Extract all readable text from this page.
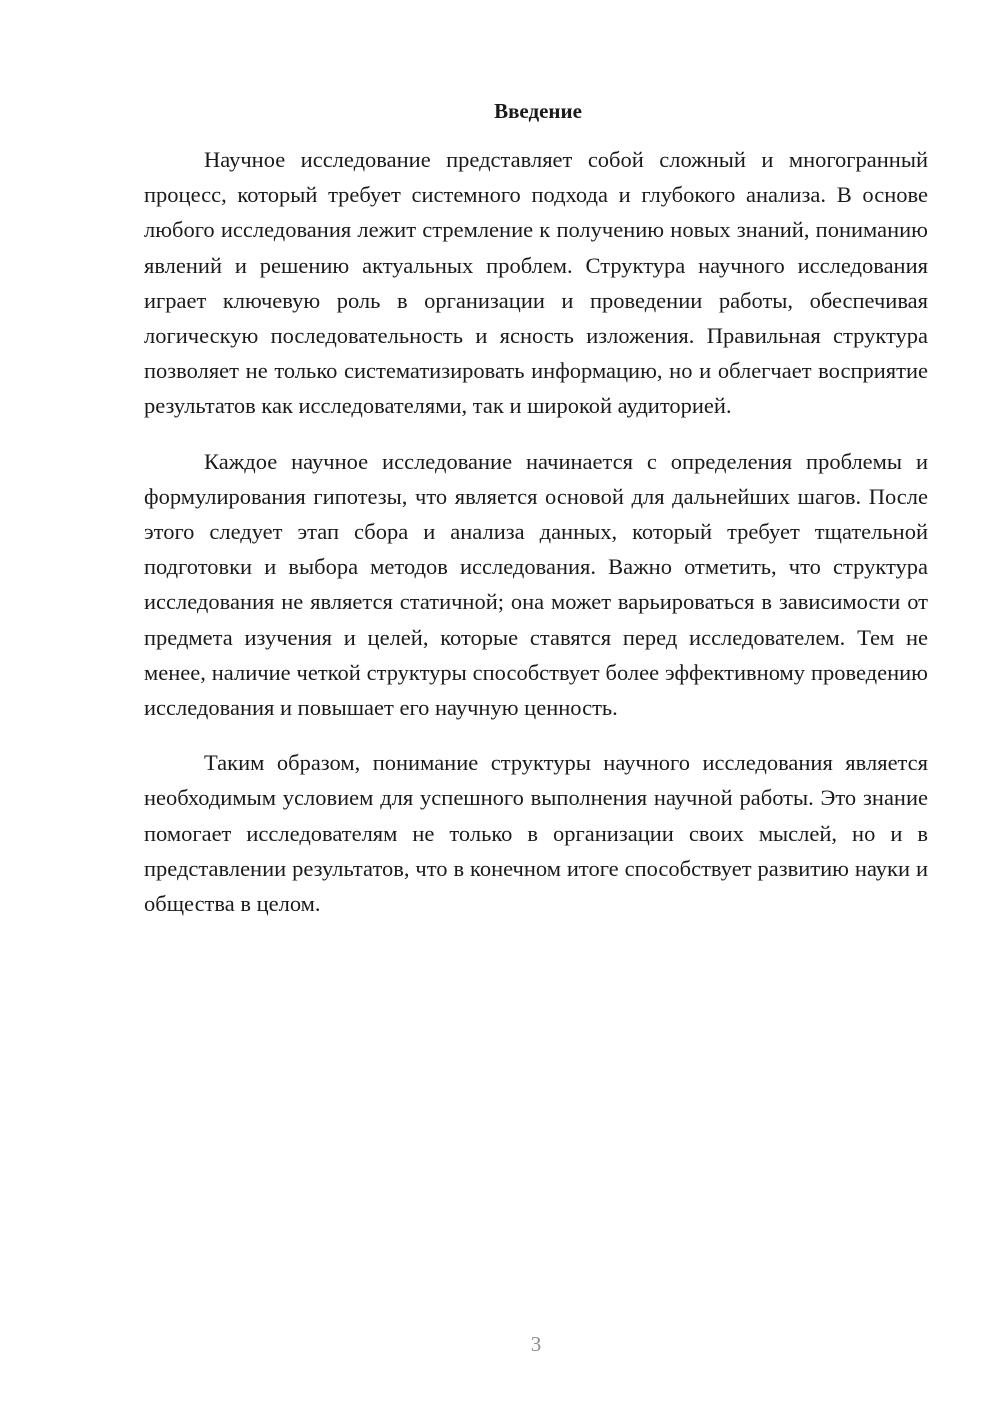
Введение

Научное исследование представляет собой сложный и многогранный процесс, который требует системного подхода и глубокого анализа. В основе любого исследования лежит стремление к получению новых знаний, пониманию явлений и решению актуальных проблем. Структура научного исследования играет ключевую роль в организации и проведении работы, обеспечивая логическую последовательность и ясность изложения. Правильная структура позволяет не только систематизировать информацию, но и облегчает восприятие результатов как исследователями, так и широкой аудиторией.

Каждое научное исследование начинается с определения проблемы и формулирования гипотезы, что является основой для дальнейших шагов. После этого следует этап сбора и анализа данных, который требует тщательной подготовки и выбора методов исследования. Важно отметить, что структура исследования не является статичной; она может варьироваться в зависимости от предмета изучения и целей, которые ставятся перед исследователем. Тем не менее, наличие четкой структуры способствует более эффективному проведению исследования и повышает его научную ценность.

Таким образом, понимание структуры научного исследования является необходимым условием для успешного выполнения научной работы. Это знание помогает исследователям не только в организации своих мыслей, но и в представлении результатов, что в конечном итоге способствует развитию науки и общества в целом.

3
